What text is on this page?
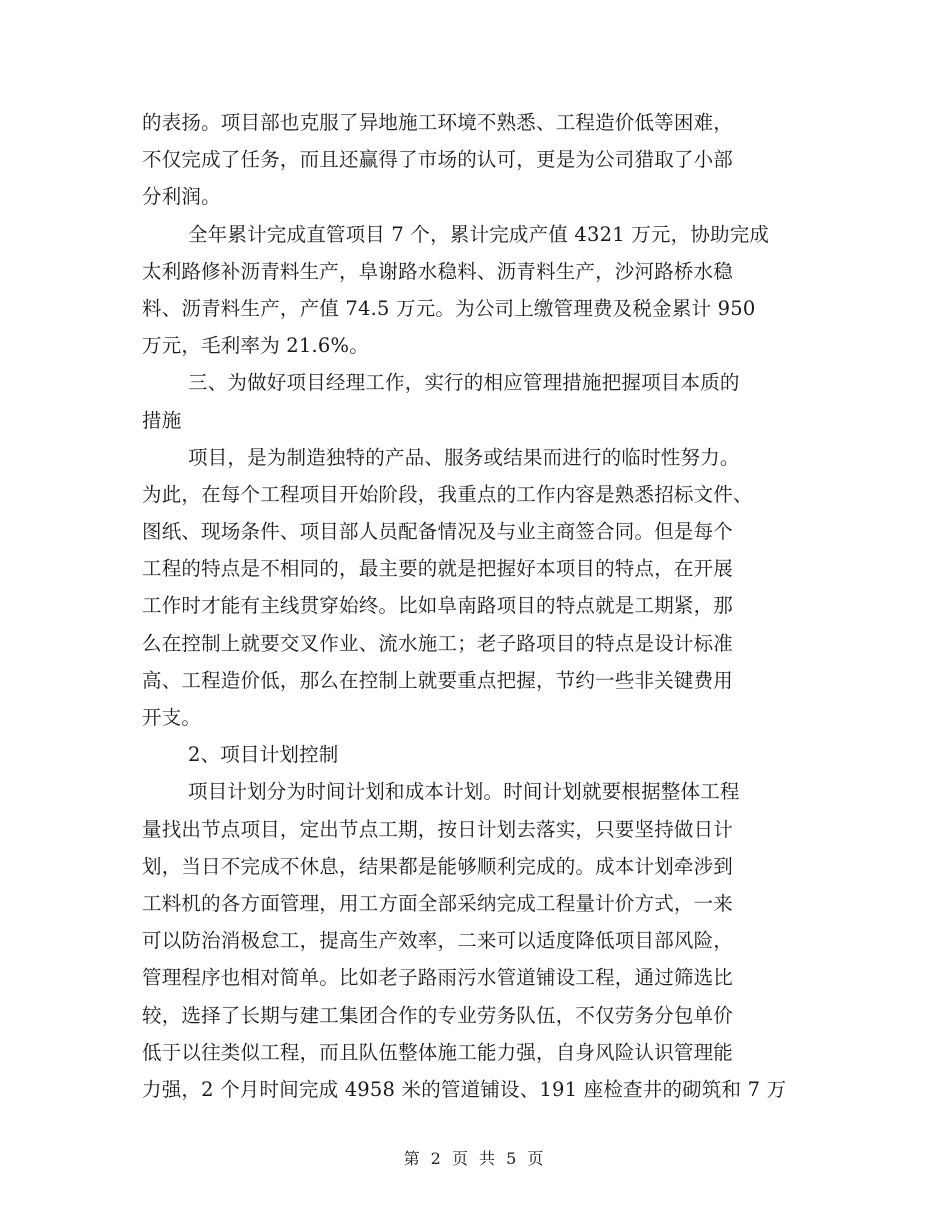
的表扬。项目部也克服了异地施工环境不熟悉、工程造价低等困难，
不仅完成了任务，而且还赢得了市场的认可，更是为公司猎取了小部
分利润。
全年累计完成直管项目 7 个，累计完成产值 4321 万元，协助完成
太利路修补沥青料生产，阜谢路水稳料、沥青料生产，沙河路桥水稳
料、沥青料生产，产值 74.5 万元。为公司上缴管理费及税金累计 950
万元，毛利率为 21.6%。
三、为做好项目经理工作，实行的相应管理措施把握项目本质的
措施
项目，是为制造独特的产品、服务或结果而进行的临时性努力。
为此，在每个工程项目开始阶段，我重点的工作内容是熟悉招标文件、
图纸、现场条件、项目部人员配备情况及与业主商签合同。但是每个
工程的特点是不相同的，最主要的就是把握好本项目的特点，在开展
工作时才能有主线贯穿始终。比如阜南路项目的特点就是工期紧，那
么在控制上就要交叉作业、流水施工；老子路项目的特点是设计标准
高、工程造价低，那么在控制上就要重点把握，节约一些非关键费用
开支。
2、项目计划控制
项目计划分为时间计划和成本计划。时间计划就要根据整体工程
量找出节点项目，定出节点工期，按日计划去落实，只要坚持做日计
划，当日不完成不休息，结果都是能够顺利完成的。成本计划牵涉到
工料机的各方面管理，用工方面全部采纳完成工程量计价方式，一来
可以防治消极怠工，提高生产效率，二来可以适度降低项目部风险，
管理程序也相对简单。比如老子路雨污水管道铺设工程，通过筛选比
较，选择了长期与建工集团合作的专业劳务队伍，不仅劳务分包单价
低于以往类似工程，而且队伍整体施工能力强，自身风险认识管理能
力强，2 个月时间完成 4958 米的管道铺设、191 座检查井的砌筑和 7 万
第 2 页 共 5 页
